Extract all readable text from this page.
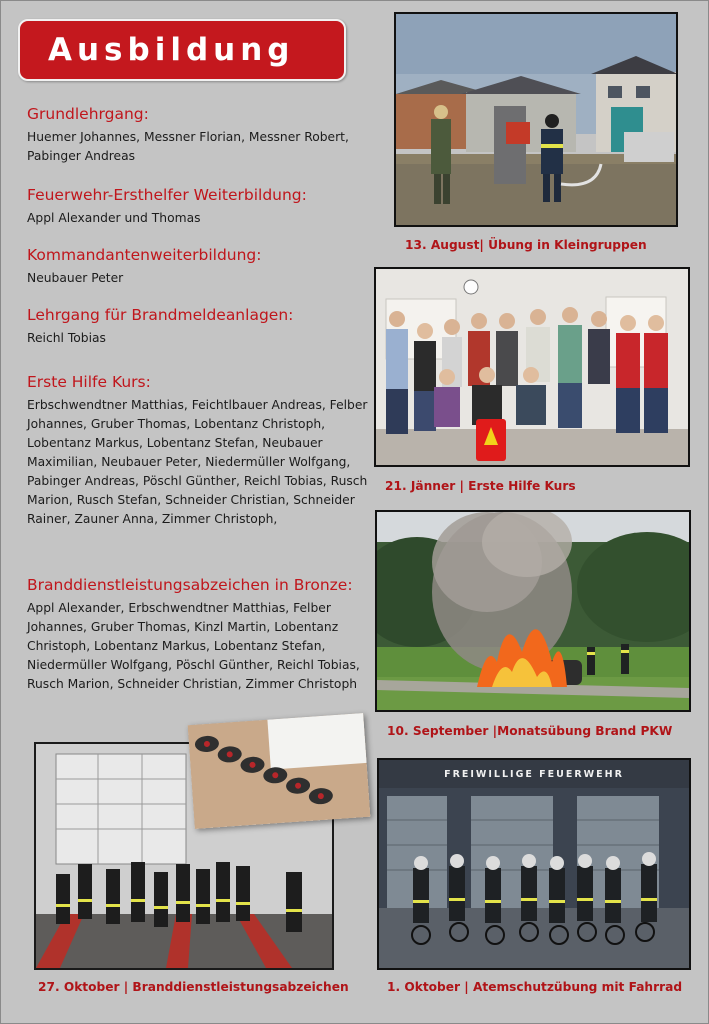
Ausbildung
Grundlehrgang:

Huemer Johannes, Messner Florian, Messner Robert, Pabinger Andreas

Feuerwehr-Ersthelfer Weiterbildung:

Appl Alexander und Thomas

Kommandantenweiterbildung:

Neubauer Peter

Lehrgang für Brandmeldeanlagen:

Reichl Tobias

Erste Hilfe Kurs:

Erbschwendtner Matthias, Feichtlbauer Andreas, Felber Johannes, Gruber Thomas, Lobentanz Christoph, Lobentanz Markus, Lobentanz Stefan, Neubauer Maximilian, Neubauer Peter, Niedermüller Wolfgang, Pabinger Andreas, Pöschl Günther, Reichl Tobias, Rusch Marion, Rusch Stefan, Schneider Christian, Schneider Rainer, Zauner Anna, Zimmer Christoph,

Branddienstleistungsabzeichen in Bronze:

Appl Alexander, Erbschwendtner Matthias, Felber Johannes, Gruber Thomas, Kinzl Martin, Lobentanz Christoph, Lobentanz Markus, Lobentanz Stefan, Niedermüller Wolfgang, Pöschl Günther, Reichl Tobias, Rusch Marion, Schneider Christian, Zimmer Christoph

13. August| Übung in Kleingruppen
21. Jänner | Erste Hilfe Kurs
10. September |Monatsübung Brand PKW
27. Oktober | Branddienstleistungsabzeichen
FREIWILLIGE FEUERWEHR
1. Oktober | Atemschutzübung mit Fahrrad
